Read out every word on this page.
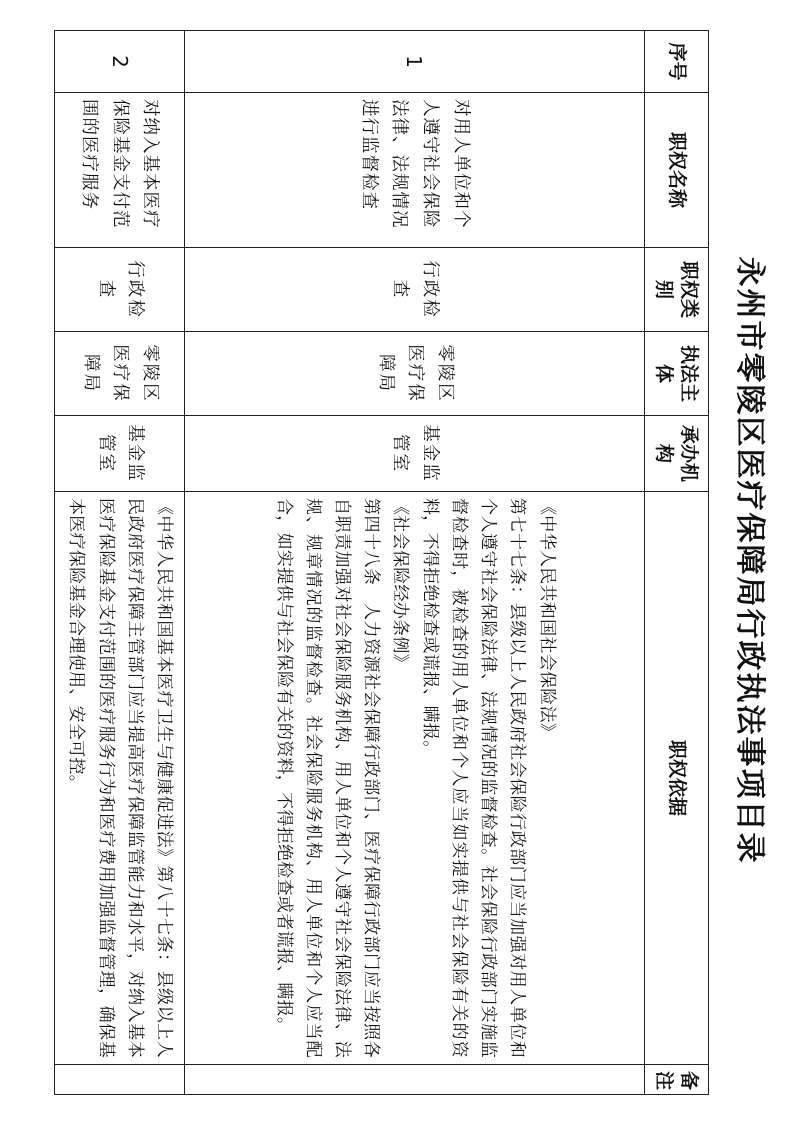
永州市零陵区医疗保障局行政执法事项目录
序号	职权名称	职权类别	执法主体	承办机构	职权依据	备注
1	对用人单位和个人遵守社会保险法律、法规情况进行监督检查	行政检查	零陵区医疗保障局	基金监管室	《中华人民共和国社会保险法》

第七十七条：县级以上人民政府社会保险行政部门应当加强对用人单位和个人遵守社会保险法律、法规情况的监督检查。社会保险行政部门实施监督检查时，被检查的用人单位和个人应当如实提供与社会保险有关的资料，不得拒绝检查或谎报、瞒报。

《社会保险经办条例》

第四十八条　人力资源社会保障行政部门、医疗保障行政部门应当按照各自职责加强对社会保险服务机构、用人单位和个人遵守社会保险法律、法规、规章情况的监督检查。社会保险服务机构、用人单位和个人应当配合，如实提供与社会保险有关的资料，不得拒绝检查或者谎报、瞒报。	

2	对纳入基本医疗保险基金支付范围的医疗服务	行政检查	零陵区医疗保障局	基金监管室	《中华人民共和国基本医疗卫生与健康促进法》第八十七条：县级以上人民政府医疗保障主管部门应当提高医疗保障监管能力和水平，对纳入基本医疗保险基金支付范围的医疗服务行为和医疗费用加强监督管理，确保基本医疗保险基金合理使用、安全可控。	
